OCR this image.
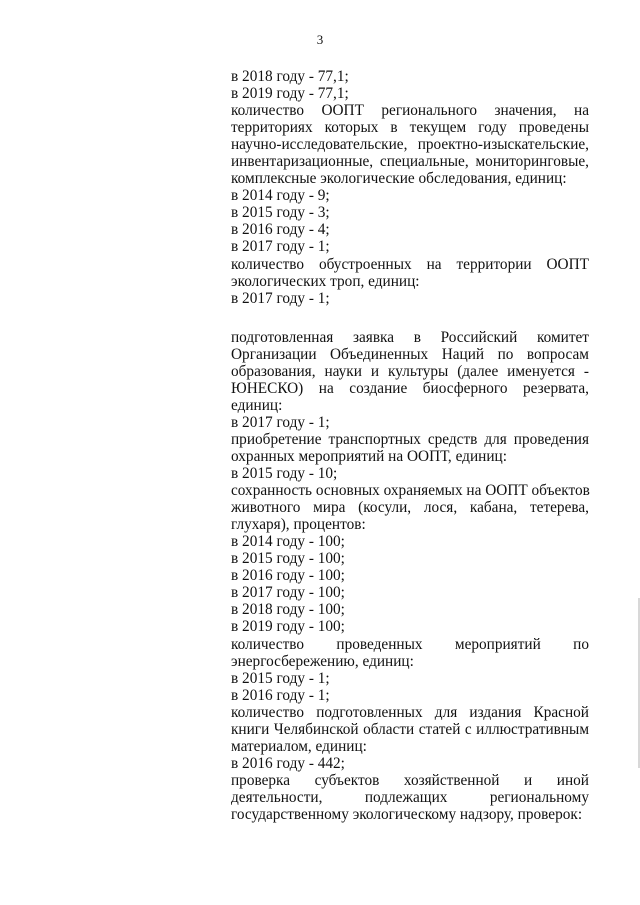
3
в 2018 году - 77,1;
в 2019 году - 77,1;
количество ООПТ регионального значения, на
территориях которых в текущем году проведены
научно-исследовательские, проектно-изыскательские,
инвентаризационные, специальные, мониторинговые,
комплексные экологические обследования, единиц:
в 2014 году - 9;
в 2015 году - 3;
в 2016 году - 4;
в 2017 году - 1;
количество обустроенных на территории ООПТ
экологических троп, единиц:
в 2017 году - 1;
подготовленная заявка в Российский комитет
Организации Объединенных Наций по вопросам
образования, науки и культуры (далее именуется -
ЮНЕСКО) на создание биосферного резервата,
единиц:
в 2017 году - 1;
приобретение транспортных средств для проведения
охранных мероприятий на ООПТ, единиц:
в 2015 году - 10;
сохранность основных охраняемых на ООПТ объектов
животного мира (косули, лося, кабана, тетерева,
глухаря), процентов:
в 2014 году - 100;
в 2015 году - 100;
в 2016 году - 100;
в 2017 году - 100;
в 2018 году - 100;
в 2019 году - 100;
количество проведенных мероприятий по
энергосбережению, единиц:
в 2015 году - 1;
в 2016 году - 1;
количество подготовленных для издания Красной
книги Челябинской области статей с иллюстративным
материалом, единиц:
в 2016 году - 442;
проверка субъектов хозяйственной и иной
деятельности, подлежащих региональному
государственному экологическому надзору, проверок:
